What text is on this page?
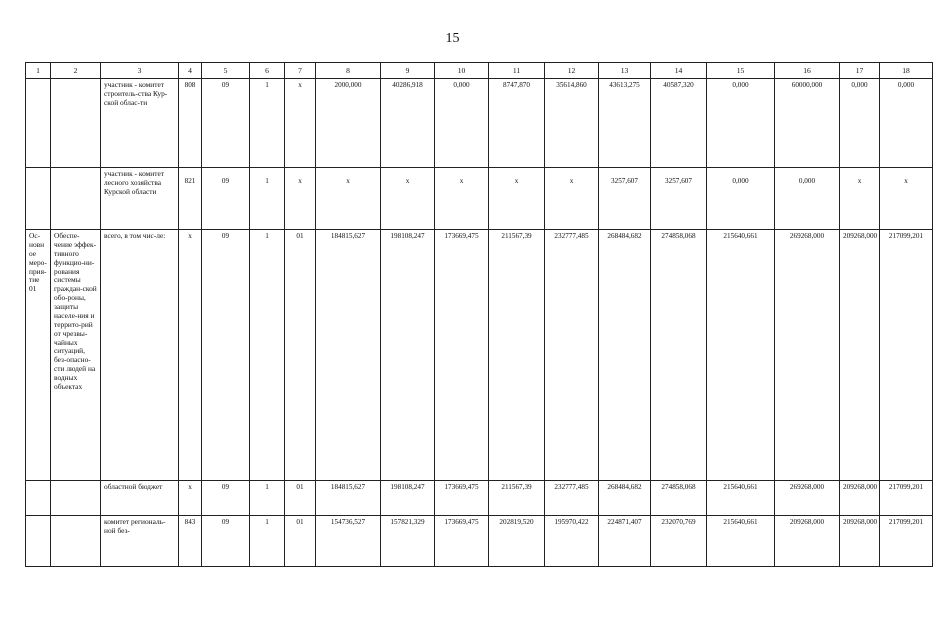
15
1	2	3	4	5	6	7	8	9	10	11	12	13	14	15	16	17	18
		участник - комитет строитель-ства Кур-ской облас-ти	808	09	1	х	2000,000	40286,918	0,000	8747,870	35614,860	43613,275	40587,320	0,000	60000,000	0,000	0,000
		участник - комитет лесного хозяйства Курской области	821	09	1	х	х	х	х	х	х	3257,607	3257,607	0,000	0,000	х	х
Ос-новное меро-прия-тие 01	Обеспе-чение эффек-тивного функцио-ни-рования системы граждан-ской обо-роны, защиты населе-ния и террито-рий от чрезвы-чайных ситуаций, без-опасно-сти людей на водных объектах	всего, в том чис-ле:	х	09	1	01	184815,627	198108,247	173669,475	211567,39	232777,485	268484,682	274858,068	215640,661	269268,000	209268,000	217099,201
		областной бюджет	х	09	1	01	184815,627	198108,247	173669,475	211567,39	232777,485	268484,682	274858,068	215640,661	269268,000	209268,000	217099,201
		комитет региональ-ной без-	843	09	1	01	154736,527	157821,329	173669,475	202819,520	195970,422	224871,407	232070,769	215640,661	209268,000	209268,000	217099,201
